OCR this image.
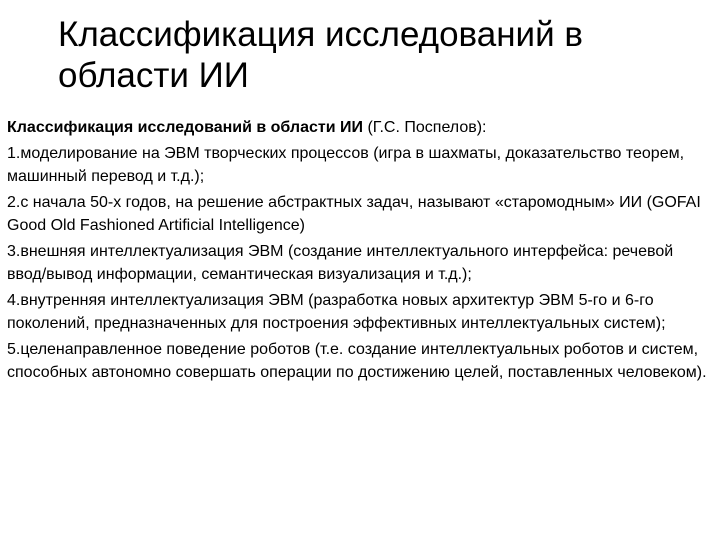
Классификация исследований в области ИИ

Классификация исследований в области ИИ (Г.С. Поспелов):

1.моделирование на ЭВМ творческих процессов (игра в шахматы, доказательство теорем, машинный перевод и т.д.);

2.с начала 50-х годов, на решение абстрактных задач, называют «старомодным» ИИ (GOFAI Good Old Fashioned Artificial Intelligence)

3.внешняя интеллектуализация ЭВМ (создание интеллектуального интерфейса: речевой ввод/вывод информации, семантическая визуализация и т.д.);

4.внутренняя интеллектуализация ЭВМ (разработка новых архитектур ЭВМ 5-го и 6-го поколений, предназначенных для построения эффективных интеллектуальных систем);

5.целенаправленное поведение роботов (т.е. создание интеллектуальных роботов и систем, способных автономно совершать операции по достижению целей, поставленных человеком).
